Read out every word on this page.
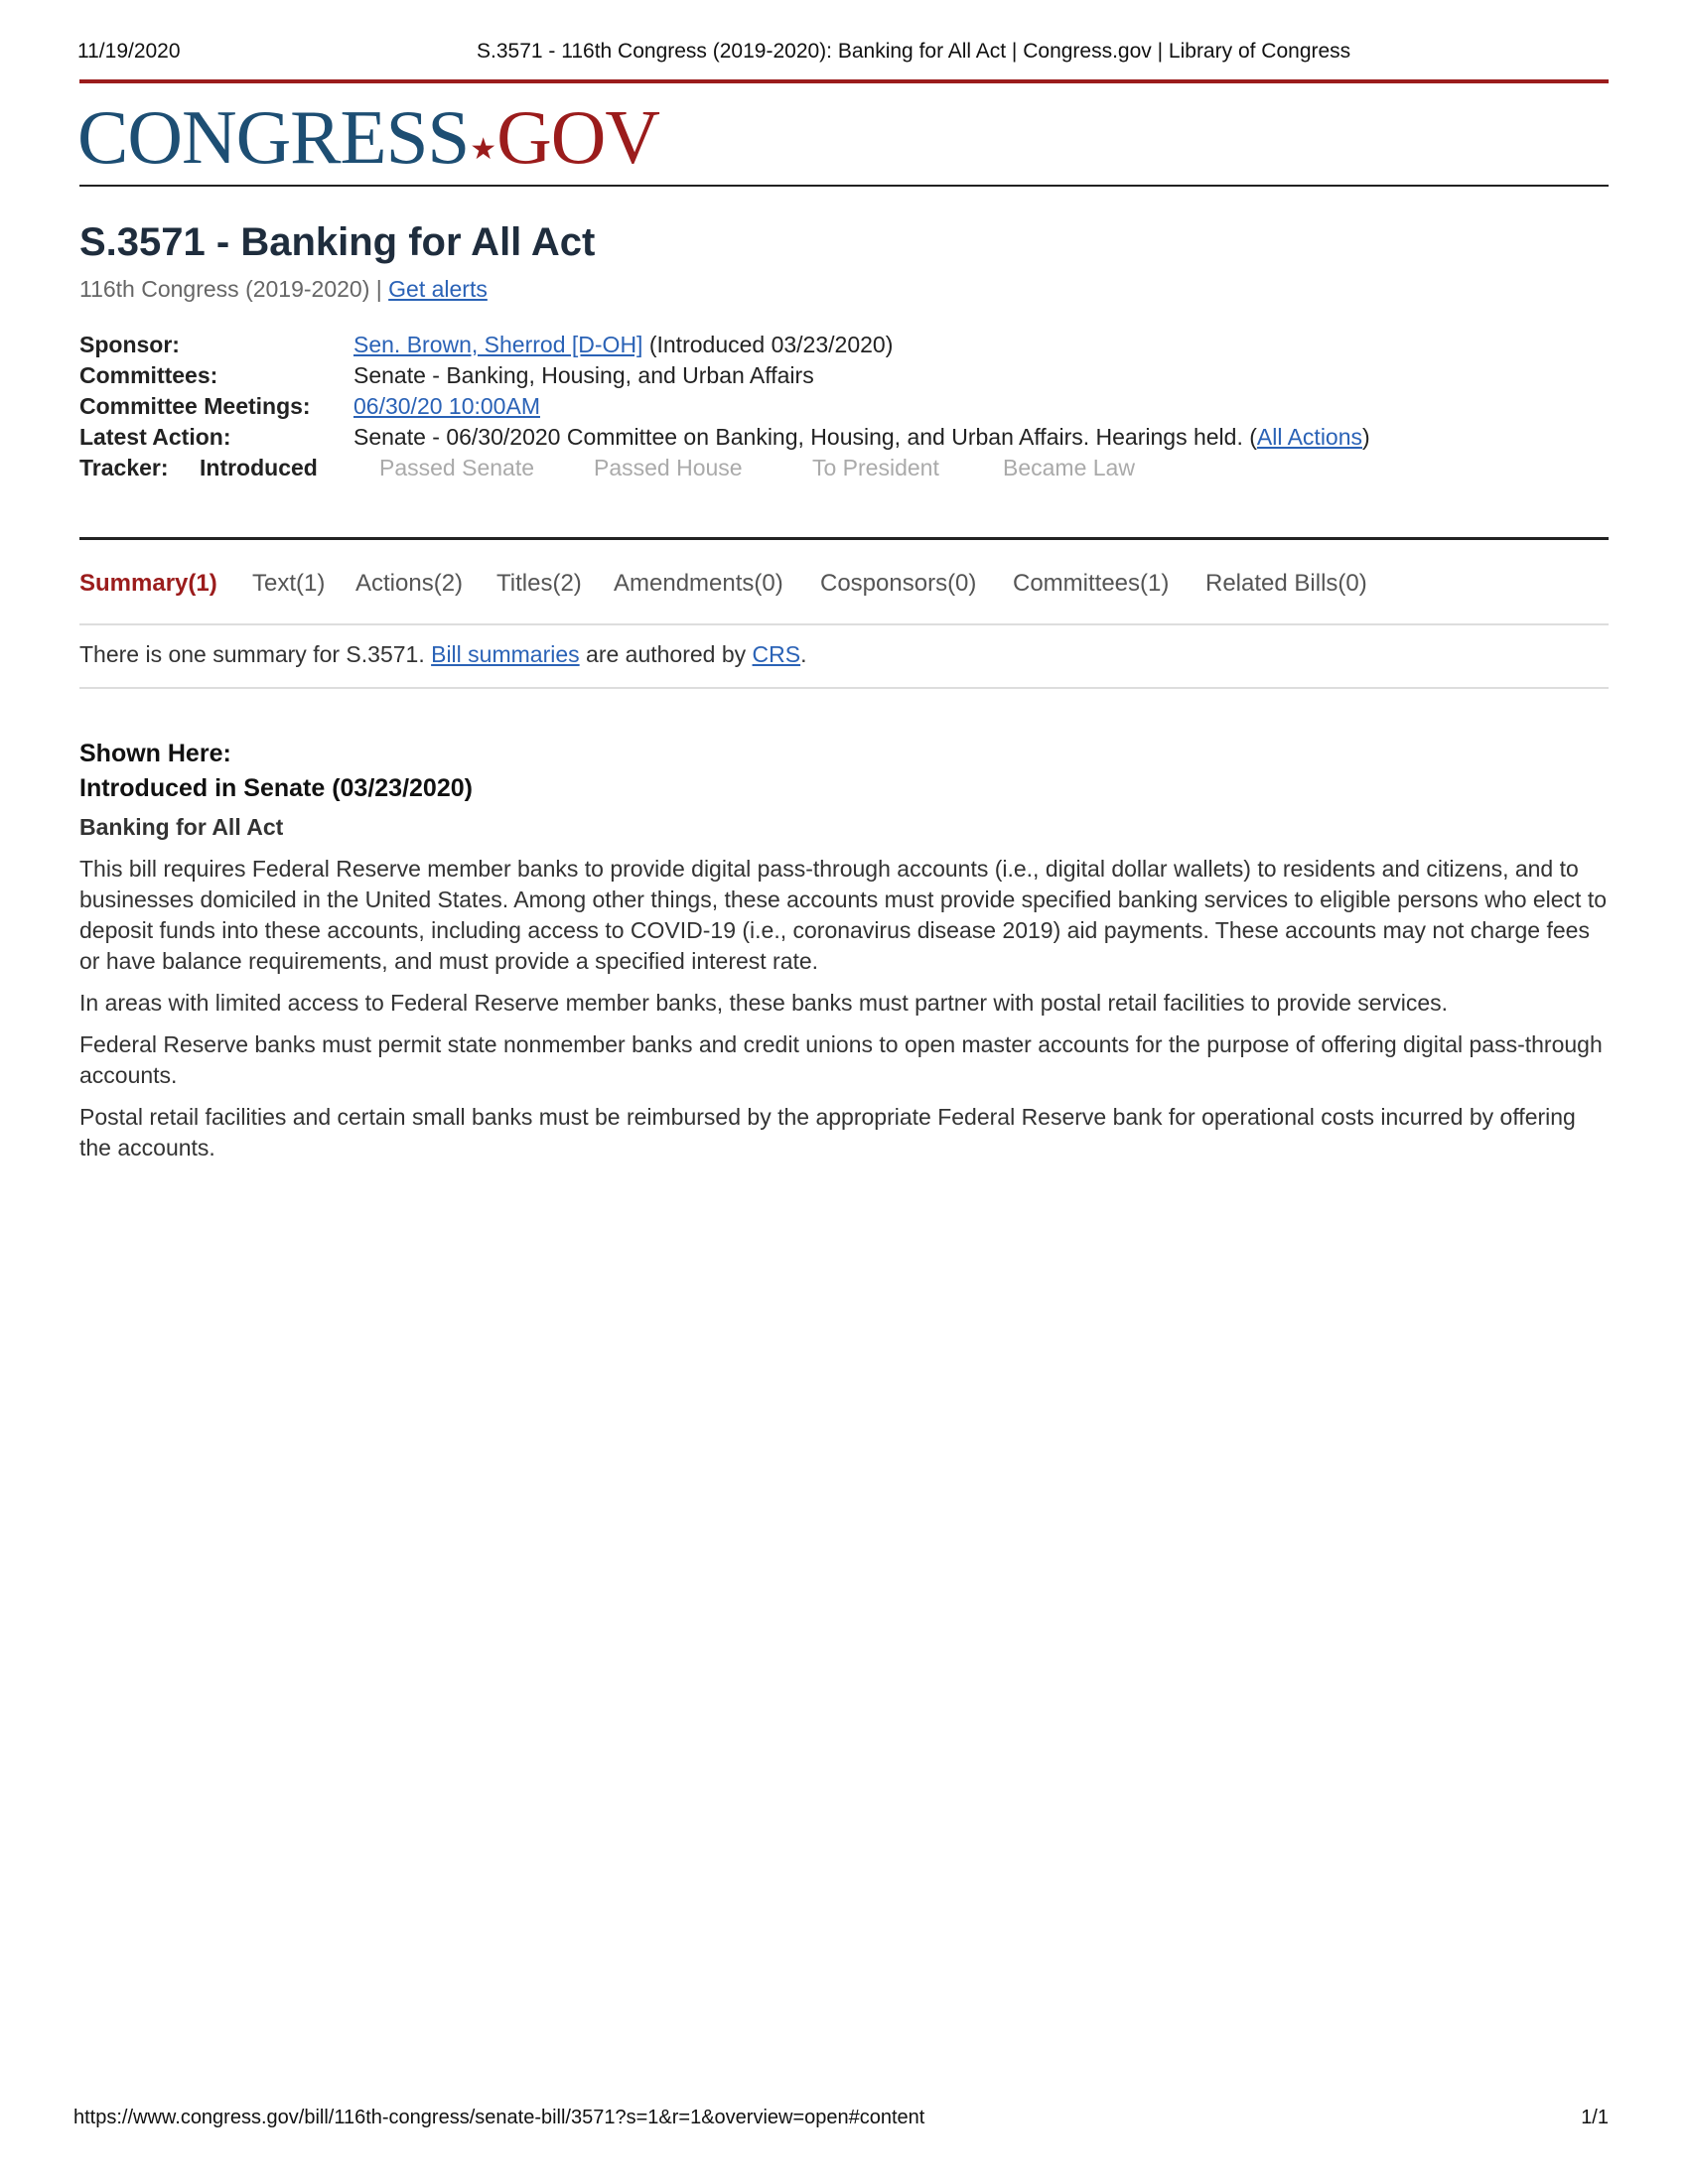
11/19/2020	S.3571 - 116th Congress (2019-2020): Banking for All Act | Congress.gov | Library of Congress
CONGRESS★GOV
S.3571 - Banking for All Act
116th Congress (2019-2020) | Get alerts
Sponsor:	Sen. Brown, Sherrod [D-OH] (Introduced 03/23/2020)
Committees:	Senate - Banking, Housing, and Urban Affairs
Committee Meetings: 06/30/20 10:00AM
Latest Action:	Senate - 06/30/2020 Committee on Banking, Housing, and Urban Affairs. Hearings held. (All Actions)
Tracker: Introduced	Passed Senate	Passed House	To President	Became Law
Summary(1) Text(1) Actions(2) Titles(2) Amendments(0) Cosponsors(0) Committees(1) Related Bills(0)
There is one summary for S.3571. Bill summaries are authored by CRS.
Shown Here:
Introduced in Senate (03/23/2020)
Banking for All Act

This bill requires Federal Reserve member banks to provide digital pass-through accounts (i.e., digital dollar wallets) to residents and citizens, and to businesses domiciled in the United States. Among other things, these accounts must provide specified banking services to eligible persons who elect to deposit funds into these accounts, including access to COVID-19 (i.e., coronavirus disease 2019) aid payments. These accounts may not charge fees or have balance requirements, and must provide a specified interest rate.

In areas with limited access to Federal Reserve member banks, these banks must partner with postal retail facilities to provide services.

Federal Reserve banks must permit state nonmember banks and credit unions to open master accounts for the purpose of offering digital pass-through accounts.

Postal retail facilities and certain small banks must be reimbursed by the appropriate Federal Reserve bank for operational costs incurred by offering the accounts.

https://www.congress.gov/bill/116th-congress/senate-bill/3571?s=1&r=1&overview=open#content	1/1
